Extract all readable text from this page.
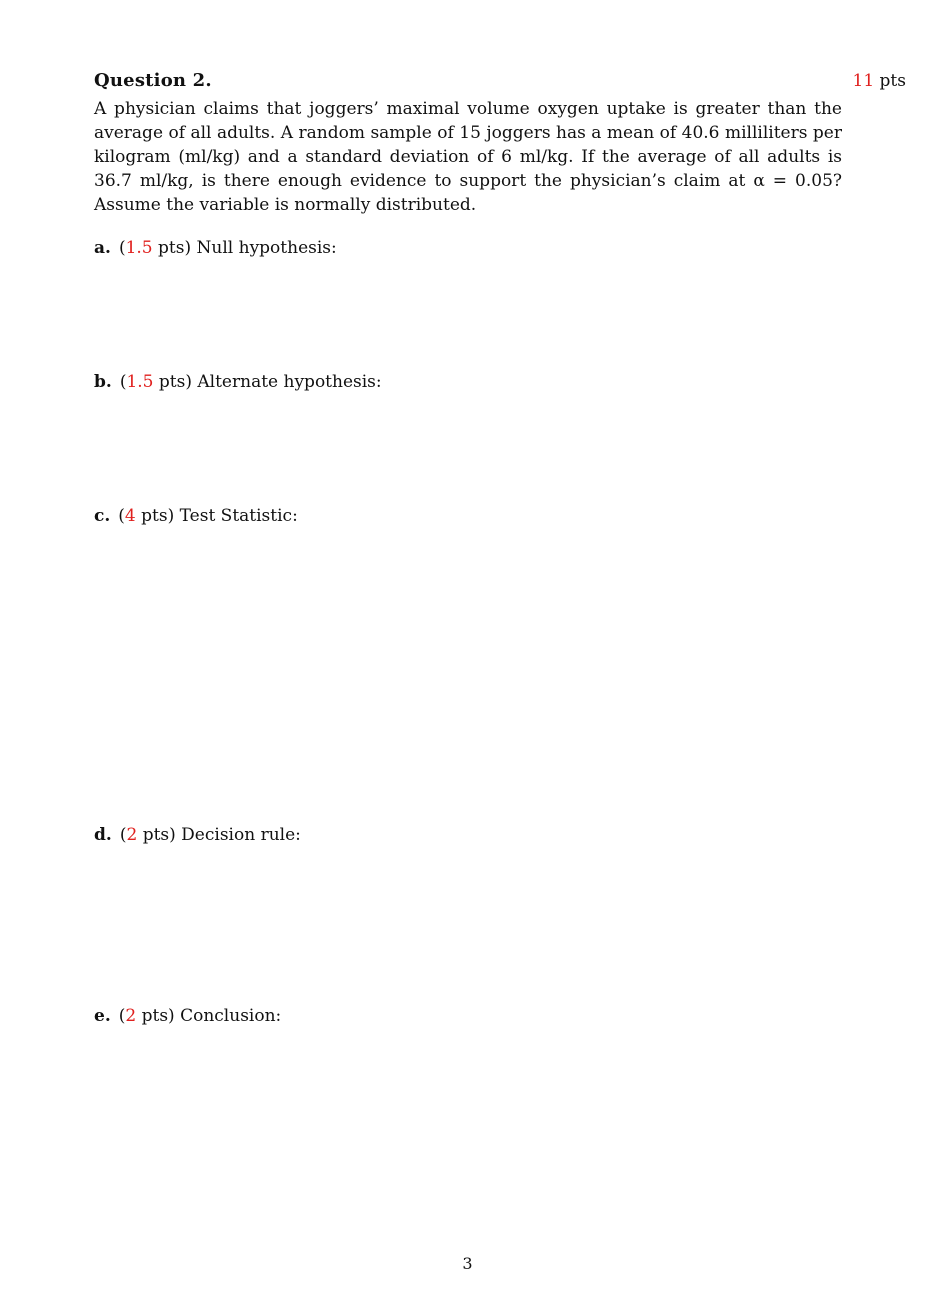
Question 2.	11 pts
A physician claims that joggers’ maximal volume oxygen uptake is greater than the average of all adults. A random sample of 15 joggers has a mean of 40.6 milliliters per kilogram (ml/kg) and a standard deviation of 6 ml/kg. If the average of all adults is 36.7 ml/kg, is there enough evidence to support the physician’s claim at α = 0.05? Assume the variable is normally distributed.
a. (1.5 pts) Null hypothesis:
b. (1.5 pts) Alternate hypothesis:
c. (4 pts) Test Statistic:
d. (2 pts) Decision rule:
e. (2 pts) Conclusion:
3
